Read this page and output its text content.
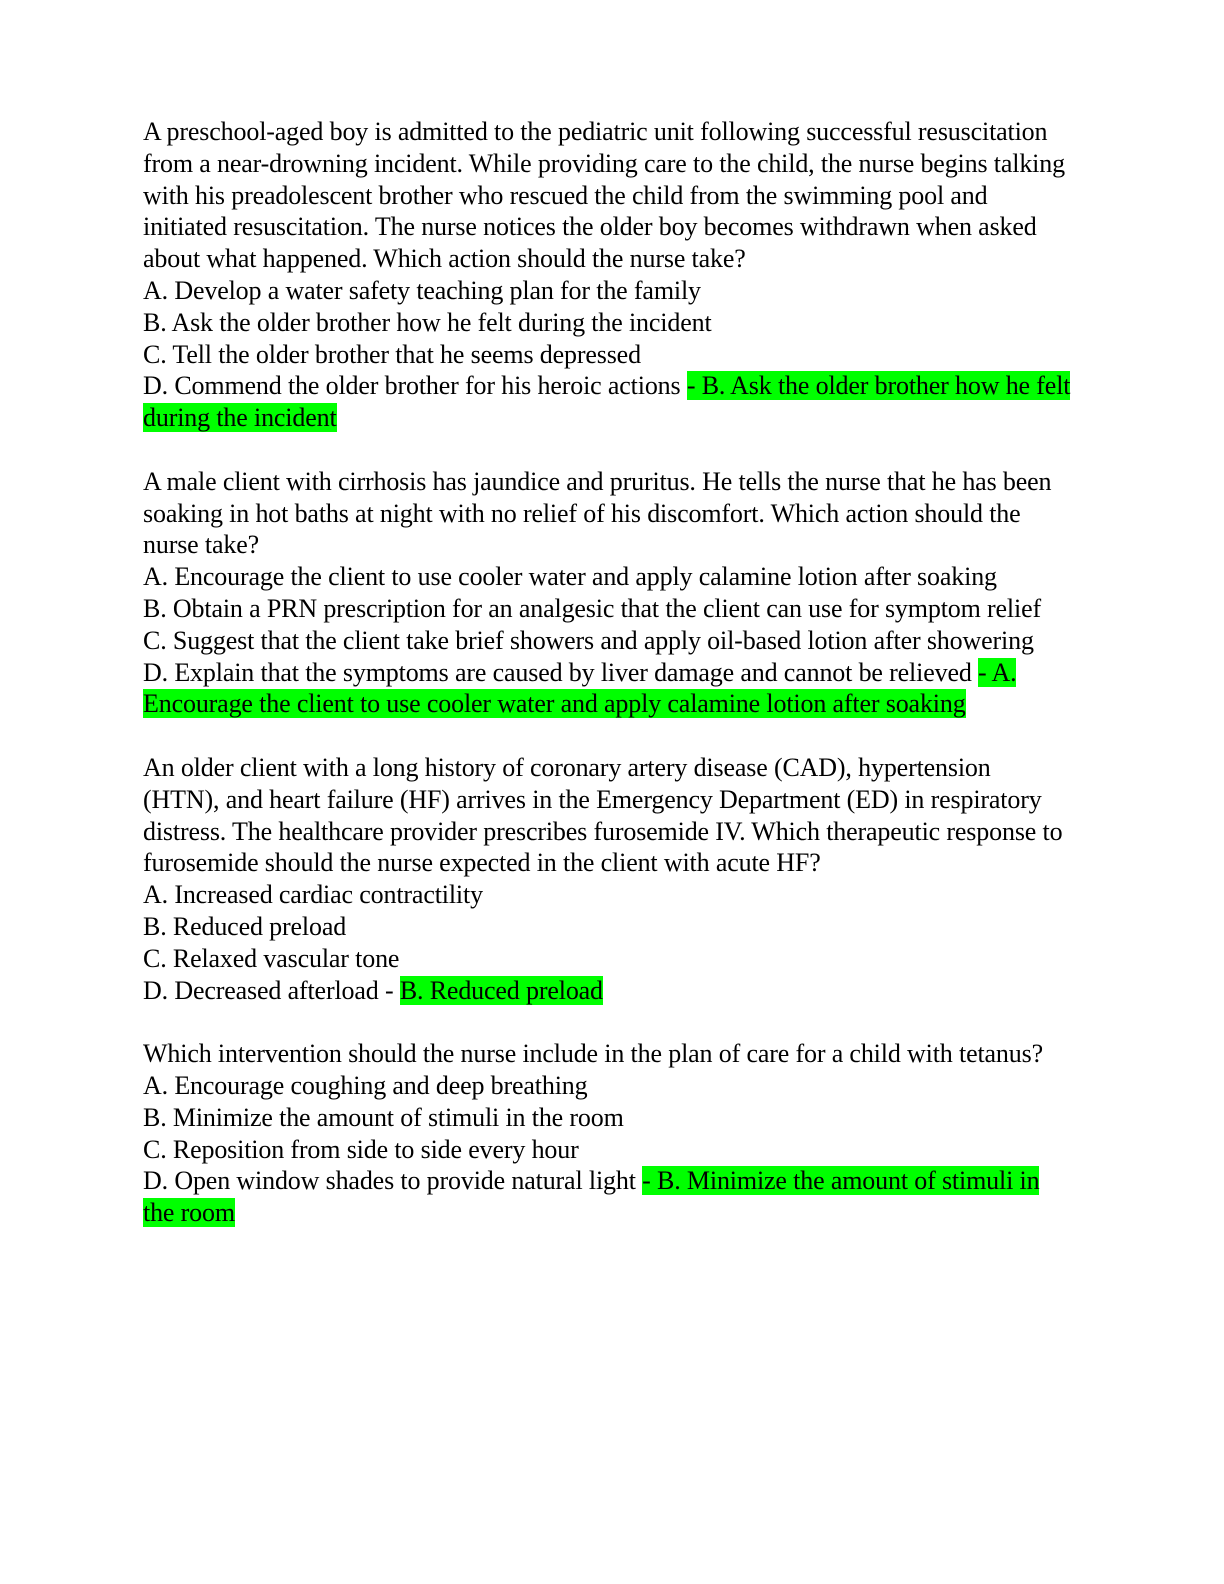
A preschool-aged boy is admitted to the pediatric unit following successful resuscitation from a near-drowning incident. While providing care to the child, the nurse begins talking with his preadolescent brother who rescued the child from the swimming pool and initiated resuscitation. The nurse notices the older boy becomes withdrawn when asked about what happened. Which action should the nurse take?
A. Develop a water safety teaching plan for the family
B. Ask the older brother how he felt during the incident
C. Tell the older brother that he seems depressed
D. Commend the older brother for his heroic actions - B. Ask the older brother how he felt during the incident
A male client with cirrhosis has jaundice and pruritus. He tells the nurse that he has been soaking in hot baths at night with no relief of his discomfort. Which action should the nurse take?
A. Encourage the client to use cooler water and apply calamine lotion after soaking
B. Obtain a PRN prescription for an analgesic that the client can use for symptom relief
C. Suggest that the client take brief showers and apply oil-based lotion after showering
D. Explain that the symptoms are caused by liver damage and cannot be relieved - A. Encourage the client to use cooler water and apply calamine lotion after soaking
An older client with a long history of coronary artery disease (CAD), hypertension (HTN), and heart failure (HF) arrives in the Emergency Department (ED) in respiratory distress. The healthcare provider prescribes furosemide IV. Which therapeutic response to furosemide should the nurse expected in the client with acute HF?
A. Increased cardiac contractility
B. Reduced preload
C. Relaxed vascular tone
D. Decreased afterload - B. Reduced preload
Which intervention should the nurse include in the plan of care for a child with tetanus?
A. Encourage coughing and deep breathing
B. Minimize the amount of stimuli in the room
C. Reposition from side to side every hour
D. Open window shades to provide natural light - B. Minimize the amount of stimuli in the room
